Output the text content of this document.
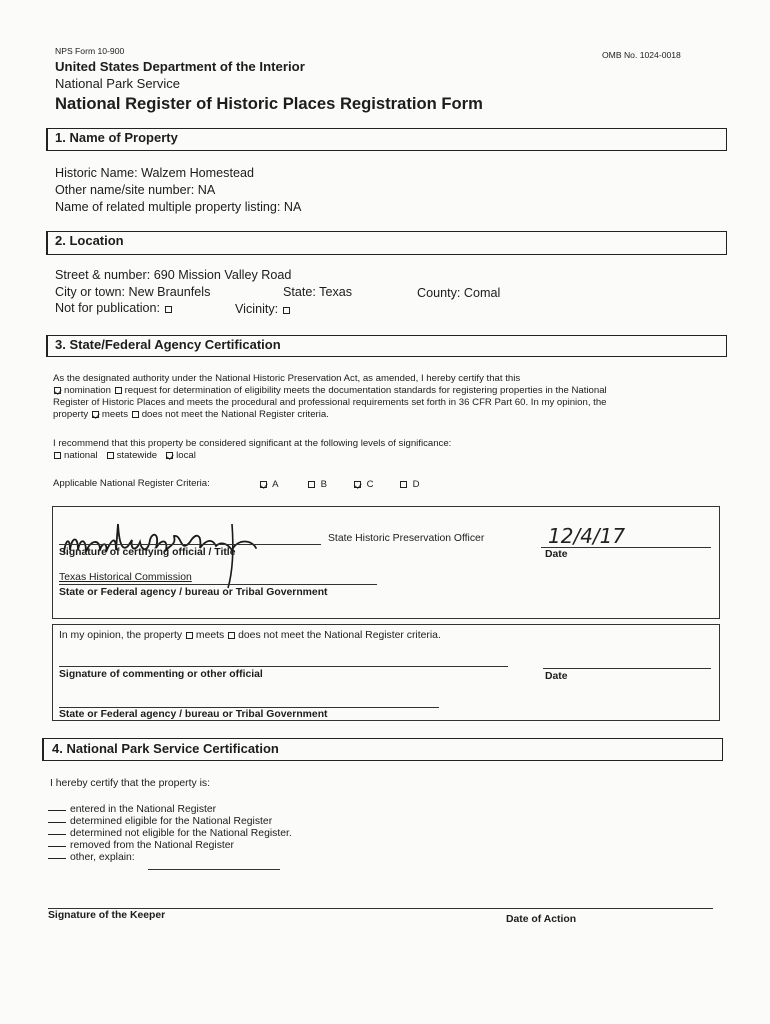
NPS Form 10-900	OMB No. 1024-0018
United States Department of the Interior
National Park Service
National Register of Historic Places Registration Form
1. Name of Property
Historic Name: Walzem Homestead
Other name/site number: NA
Name of related multiple property listing: NA
2. Location
Street & number: 690 Mission Valley Road
City or town: New Braunfels	State: Texas	County: Comal
Not for publication:	Vicinity:
3. State/Federal Agency Certification
As the designated authority under the National Historic Preservation Act, as amended, I hereby certify that this
nomination request for determination of eligibility meets the documentation standards for registering properties in the National
Register of Historic Places and meets the procedural and professional requirements set forth in 36 CFR Part 60. In my opinion, the
property meets does not meet the National Register criteria.
I recommend that this property be considered significant at the following levels of significance:
national statewide local
Applicable National Register Criteria:	A	B	C	D
Signature of certifying official / Title
State Historic Preservation Officer	12/4/17
Date
Texas Historical Commission
State or Federal agency / bureau or Tribal Government
In my opinion, the property meets does not meet the National Register criteria.
Signature of commenting or other official	Date
State or Federal agency / bureau or Tribal Government
4. National Park Service Certification
I hereby certify that the property is:
entered in the National Register
determined eligible for the National Register
determined not eligible for the National Register.
removed from the National Register
other, explain:
Signature of the Keeper	Date of Action
